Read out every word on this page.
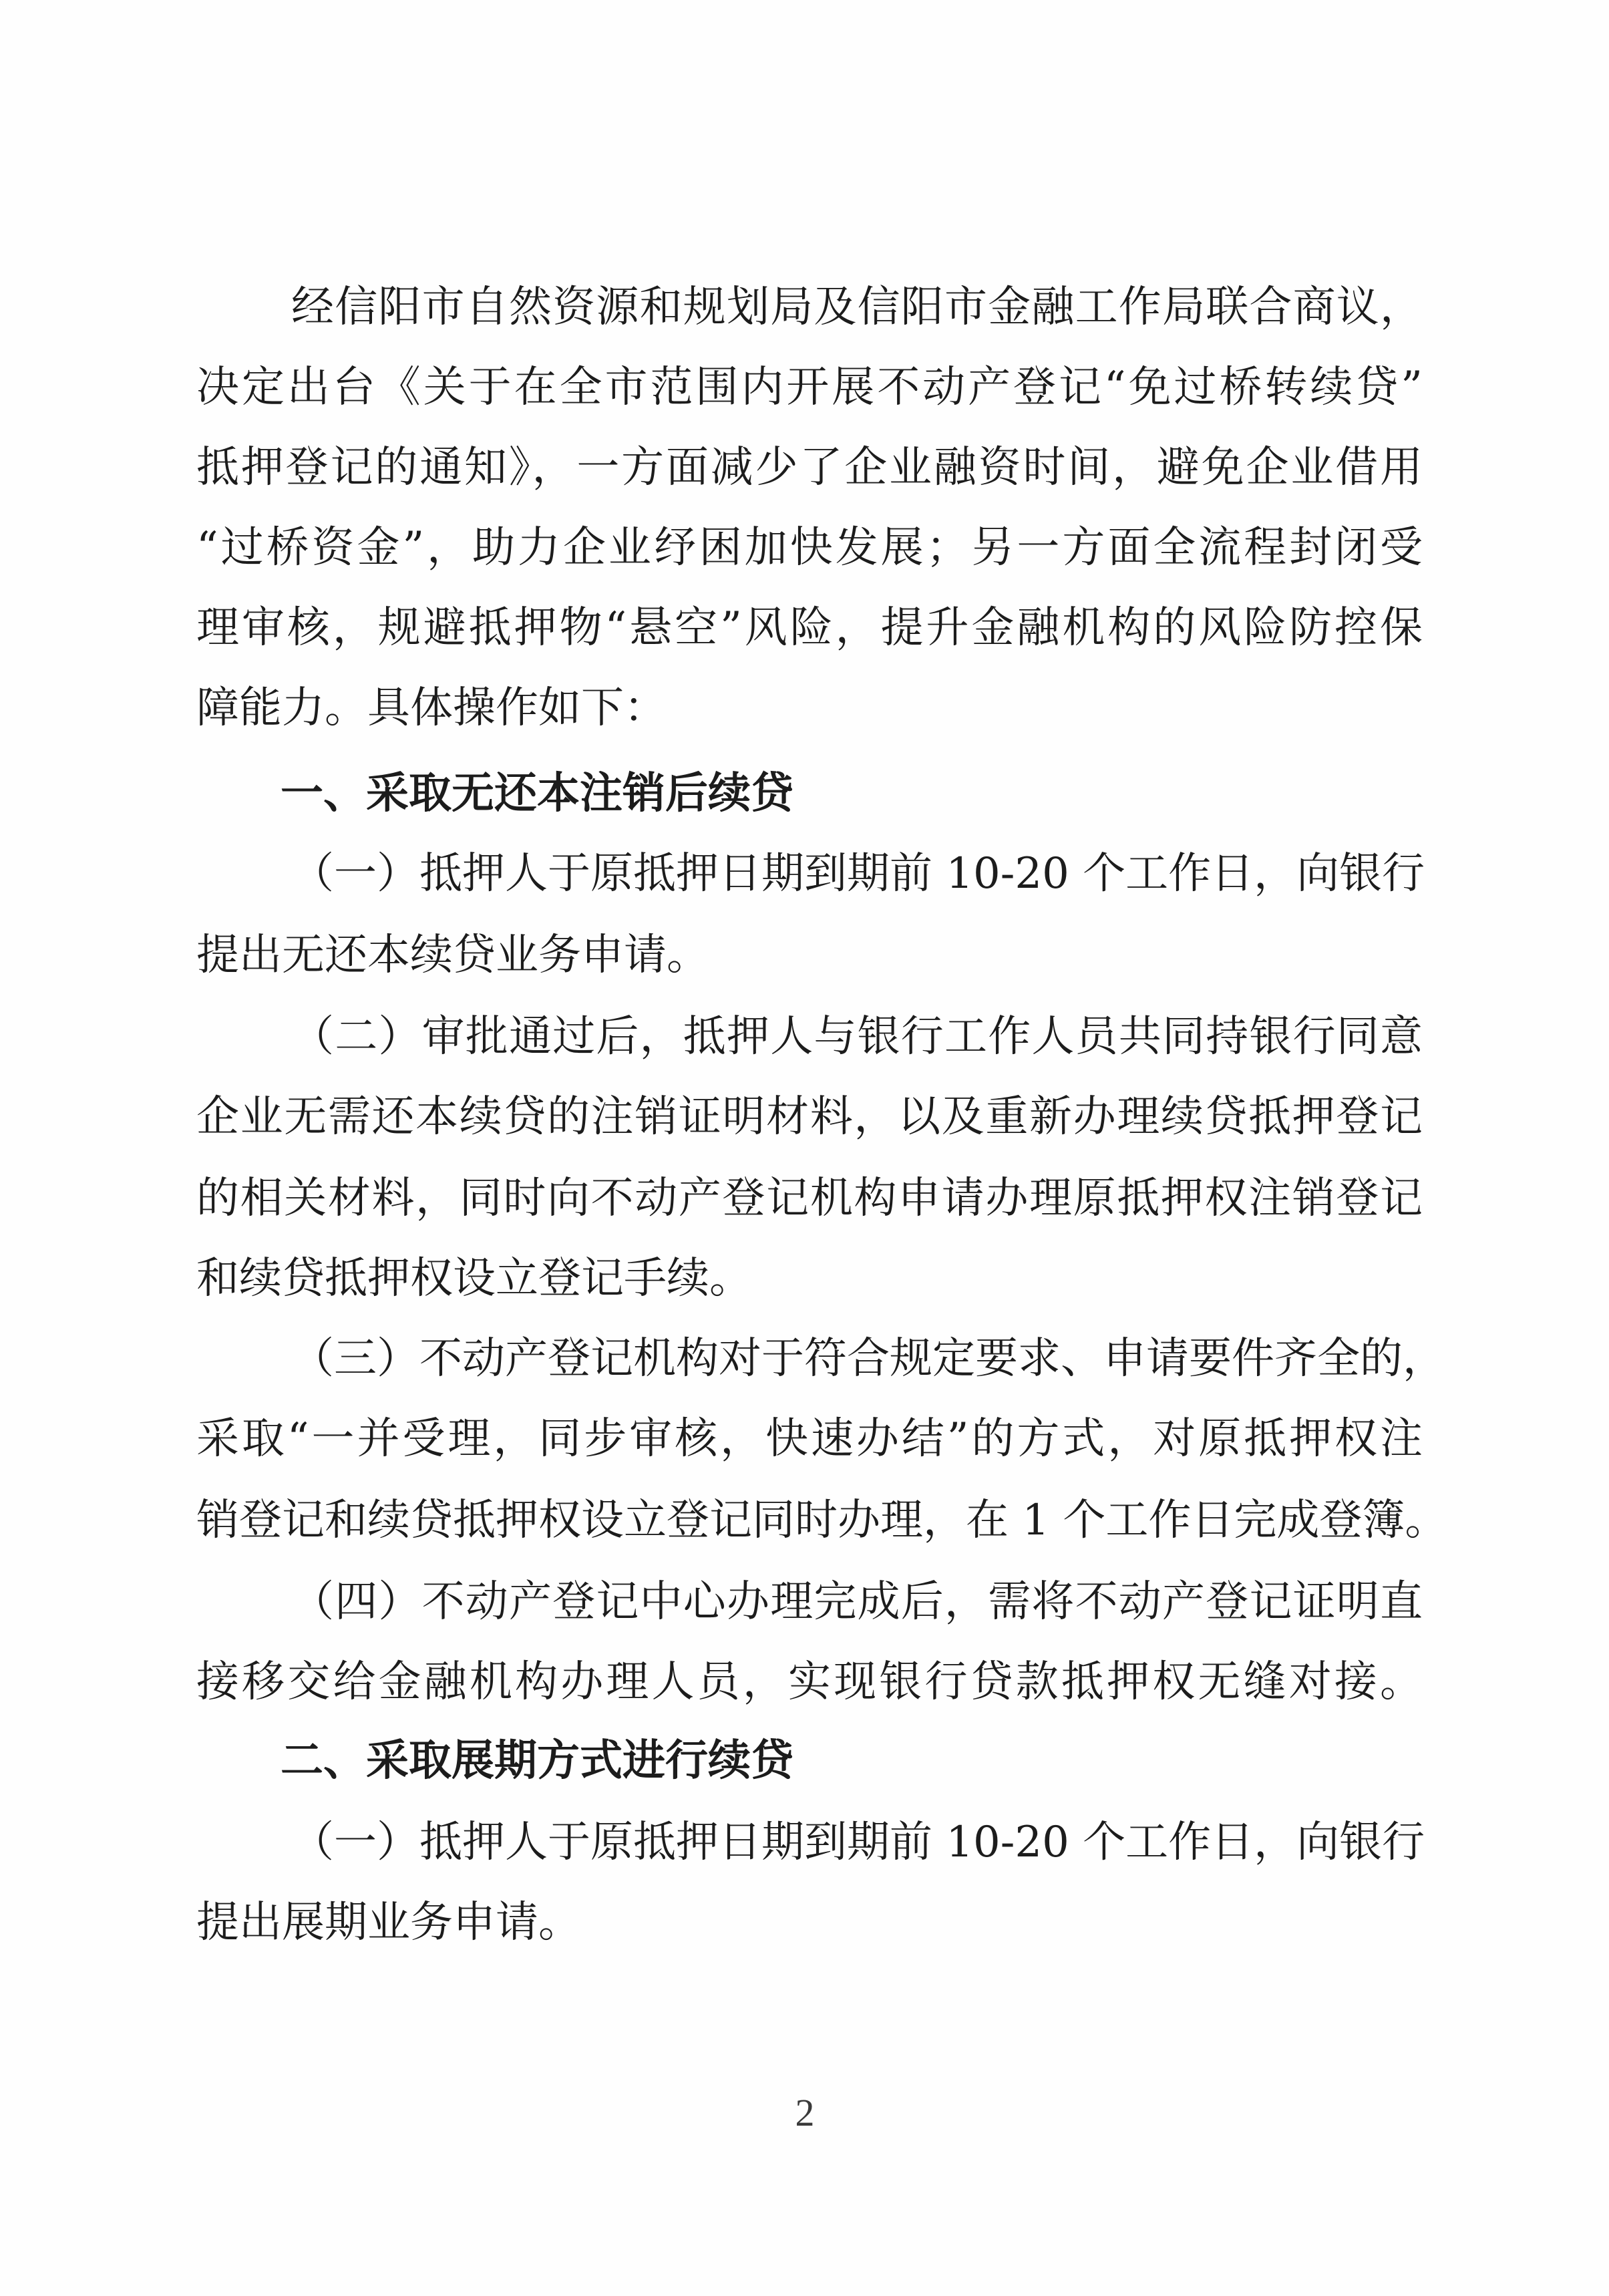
经信阳市自然资源和规划局及信阳市金融工作局联合商议，
决定出台《关于在全市范围内开展不动产登记“免过桥转续贷”
抵押登记的通知》，一方面减少了企业融资时间，避免企业借用
“过桥资金”，助力企业纾困加快发展；另一方面全流程封闭受
理审核，规避抵押物“悬空”风险，提升金融机构的风险防控保
障能力。具体操作如下：
一、采取无还本注销后续贷
（一）抵押人于原抵押日期到期前 10-20 个工作日，向银行
提出无还本续贷业务申请。
（二）审批通过后，抵押人与银行工作人员共同持银行同意
企业无需还本续贷的注销证明材料，以及重新办理续贷抵押登记
的相关材料，同时向不动产登记机构申请办理原抵押权注销登记
和续贷抵押权设立登记手续。
（三）不动产登记机构对于符合规定要求、申请要件齐全的，
采取“一并受理，同步审核，快速办结”的方式，对原抵押权注
销登记和续贷抵押权设立登记同时办理，在 1 个工作日完成登簿。
（四）不动产登记中心办理完成后，需将不动产登记证明直
接移交给金融机构办理人员，实现银行贷款抵押权无缝对接。
二、采取展期方式进行续贷
（一）抵押人于原抵押日期到期前 10-20 个工作日，向银行
提出展期业务申请。
2
